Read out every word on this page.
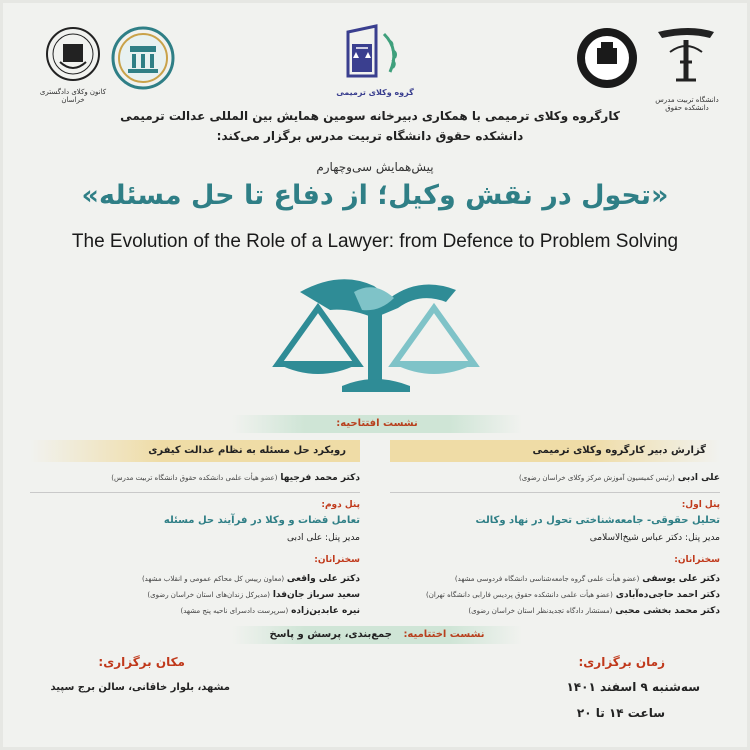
کانون وکلای دادگستری خراسان
گروه وکلای ترمیمی
دانشگاه تربیت مدرس دانشکده حقوق
کارگروه وکلای ترمیمی با همکاری دبیرخانه سومین همایش بین المللی عدالت ترمیمی
دانشکده حقوق دانشگاه تربیت مدرس برگزار می‌کند:
پیش‌همایش سی‌وچهارم
«تحول در نقش وکیل؛ از دفاع تا حل مسئله»
The Evolution of the Role of a Lawyer: from Defence to Problem Solving
نشست افتتاحیه:
گزارش دبیر کارگروه وکلای ترمیمی
علی ادبی (رئیس کمیسیون آموزش مرکز وکلای خراسان رضوی)
رویکرد حل مسئله به نظام عدالت کیفری
دکتر محمد فرجیها (عضو هیأت علمی دانشکده حقوق دانشگاه تربیت مدرس)
پنل اول:
تحلیل حقوقی- جامعه‌شناختی تحول در نهاد وکالت
مدیر پنل: دکتر عباس شیخ‌الاسلامی
سخنرانان:
دکتر علی یوسفی (عضو هیأت علمی گروه جامعه‌شناسی دانشگاه فردوسی مشهد)
دکتر احمد حاجی‌ده‌آبادی (عضو هیأت علمی دانشکده حقوق پردیس فارابی دانشگاه تهران)
دکتر محمد بخشی محبی (مستشار دادگاه تجدیدنظر استان خراسان رضوی)
پنل دوم:
تعامل قضات و وکلا در فرآیند حل مسئله
مدیر پنل: علی ادبی
سخنرانان:
دکتر علی واقعی (معاون رییس کل محاکم عمومی و انقلاب مشهد)
سعید سرباز جان‌فدا (مدیرکل زندان‌های استان خراسان رضوی)
نیره عابدین‌زاده (سرپرست دادسرای ناحیه پنج مشهد)
نشست اختتامیه: جمع‌بندی، پرسش و پاسخ
زمان برگزاری:
سه‌شنبه ۹ اسفند ۱۴۰۱
ساعت ۱۴ تا ۲۰
مکان برگزاری:
مشهد، بلوار خاقانی، سالن برج سپید
